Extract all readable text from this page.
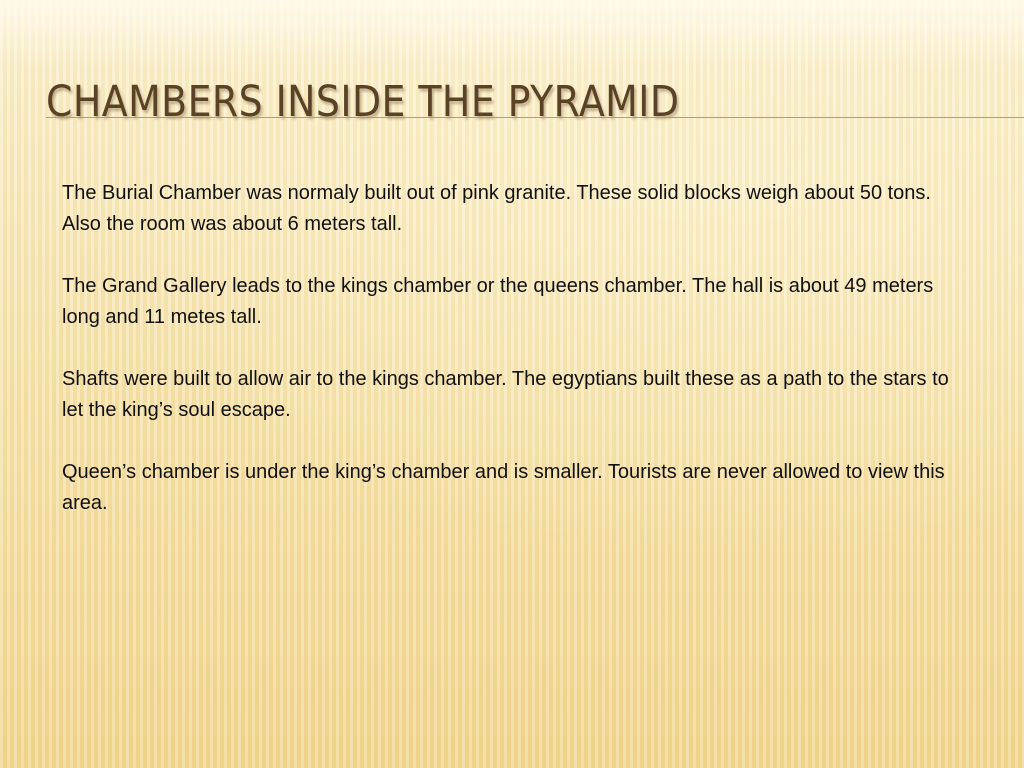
CHAMBERS INSIDE THE PYRAMID

The Burial Chamber was normaly built out of pink granite. These solid blocks weigh about 50 tons. Also the room was about 6 meters tall.

The Grand Gallery leads to the kings chamber or the queens chamber. The hall is about 49 meters long and 11 metes tall.

Shafts were built to allow air to the kings chamber. The egyptians built these as a path to the stars to let the king’s soul escape.

Queen’s chamber is under the king’s chamber and is smaller. Tourists are never allowed to view this area.
